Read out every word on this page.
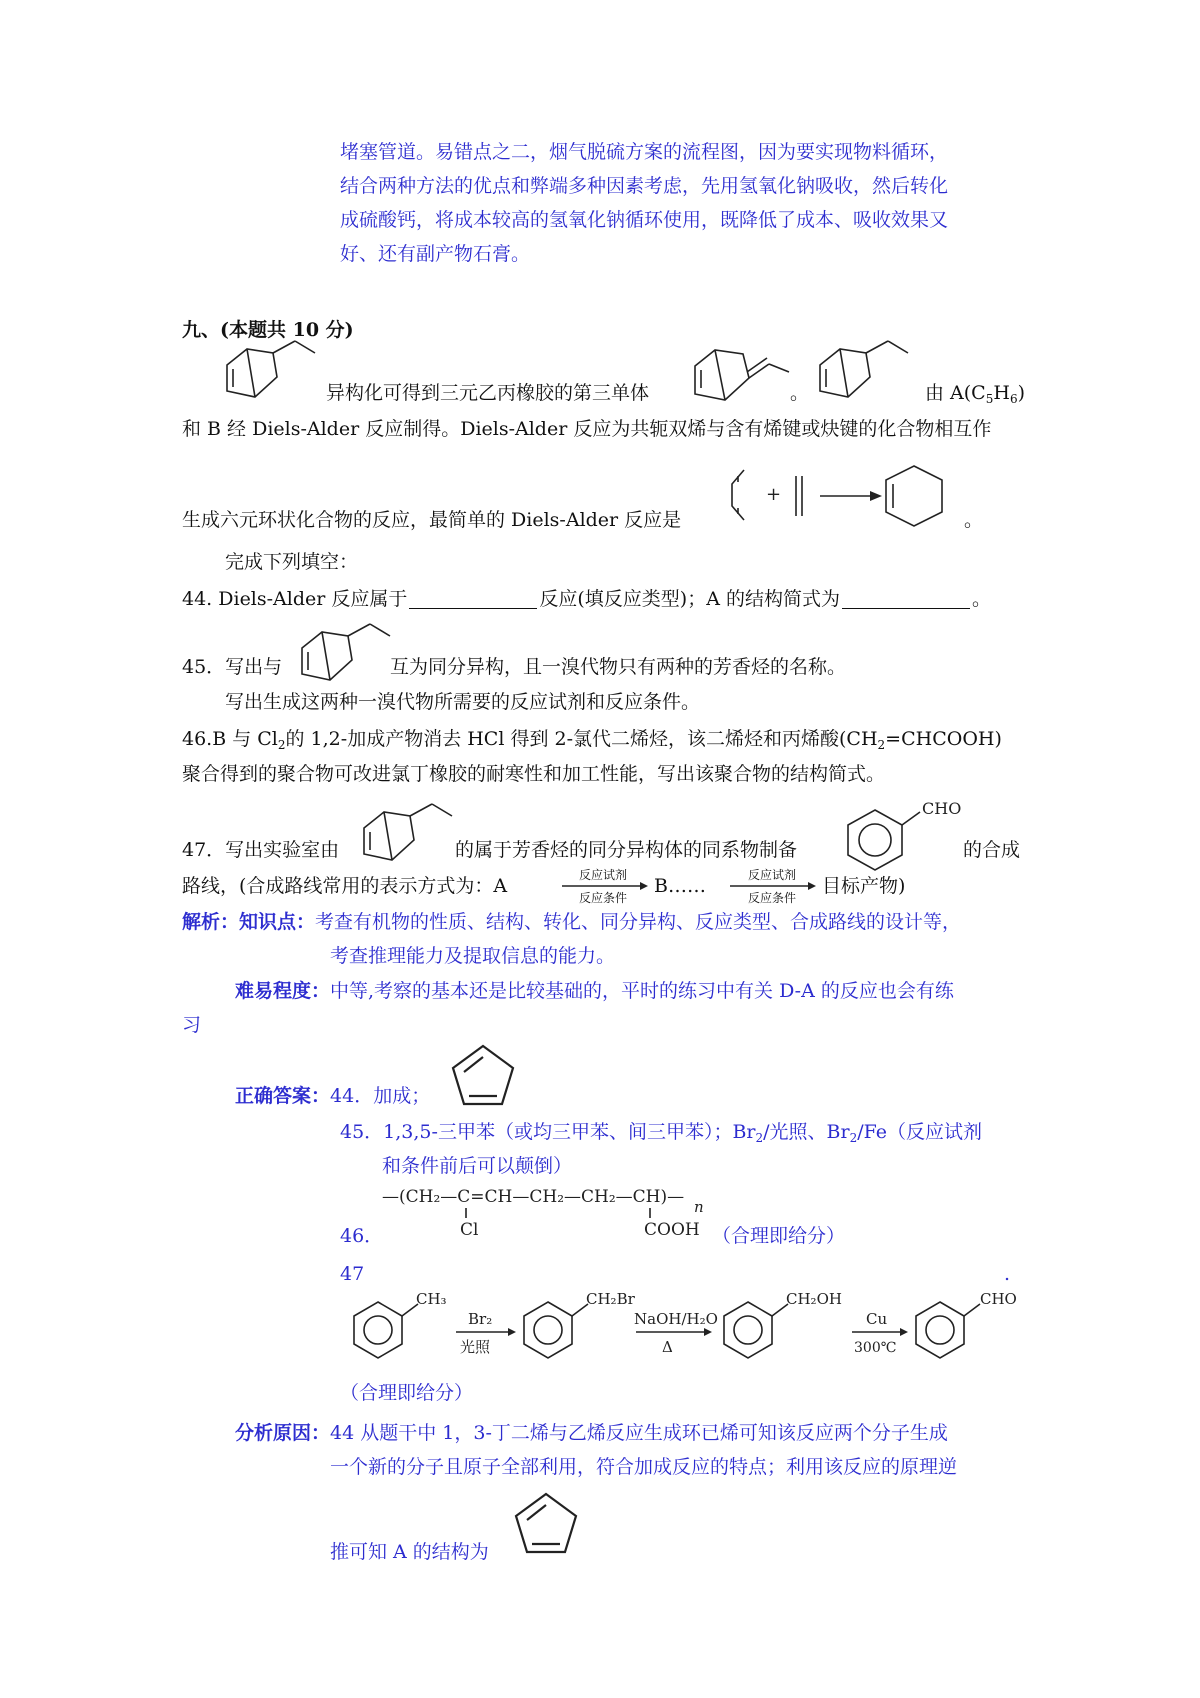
堵塞管道。易错点之二，烟气脱硫方案的流程图，因为要实现物料循环，
结合两种方法的优点和弊端多种因素考虑，先用氢氧化钠吸收，然后转化
成硫酸钙，将成本较高的氢氧化钠循环使用，既降低了成本、吸收效果又
好、还有副产物石膏。
九、(本题共 10 分)
异构化可得到三元乙丙橡胶的第三单体	。	由 $A(C_5H_6)$
和 B 经 Diels-Alder 反应制得。Diels-Alder 反应为共轭双烯与含有烯键或炔键的化合物相互作
生成六元环状化合物的反应，最简单的 Diels-Alder 反应是
+
。
完成下列填空：
44. Diels-Alder 反应属于	反应(填反应类型)；A 的结构简式为	。
45．写出与	互为同分异构，且一溴代物只有两种的芳香烃的名称。
写出生成这两种一溴代物所需要的反应试剂和反应条件。
46.B 与 $Cl_2$的 1,2-加成产物消去 HCl 得到 2-氯代二烯烃，该二烯烃和丙烯酸$(CH_2=CHCOOH)$
聚合得到的聚合物可改进氯丁橡胶的耐寒性和加工性能，写出该聚合物的结构简式。
47．写出实验室由	的属于芳香烃的同分异构体的同系物制备
CHO
的合成
路线，(合成路线常用的表示方式为：A	反应试剂
反应条件
B……	反应试剂
反应条件
目标产物)
解析：知识点：考查有机物的性质、结构、转化、同分异构、反应类型、合成路线的设计等，
考查推理能力及提取信息的能力。
难易程度：中等,考察的基本还是比较基础的，平时的练习中有关 D-A 的反应也会有练
习
正确答案：44．加成；
45．1,3,5-三甲苯（或均三甲苯、间三甲苯）；$Br_2/$光照、$Br_2/Fe$（反应试剂
和条件前后可以颠倒）
—(CH₂—C=CH—CH₂—CH₂—CH)— n
Cl	COOH
46．	（合理即给分）
47	.
CH₃
Br₂
光照
CH₂Br
NaOH/H₂O
Δ
CH₂OH
Cu
300℃
CHO
（合理即给分）
分析原因：44 从题干中 1，3-丁二烯与乙烯反应生成环已烯可知该反应两个分子生成
一个新的分子且原子全部利用，符合加成反应的特点；利用该反应的原理逆
推可知 A 的结构为
